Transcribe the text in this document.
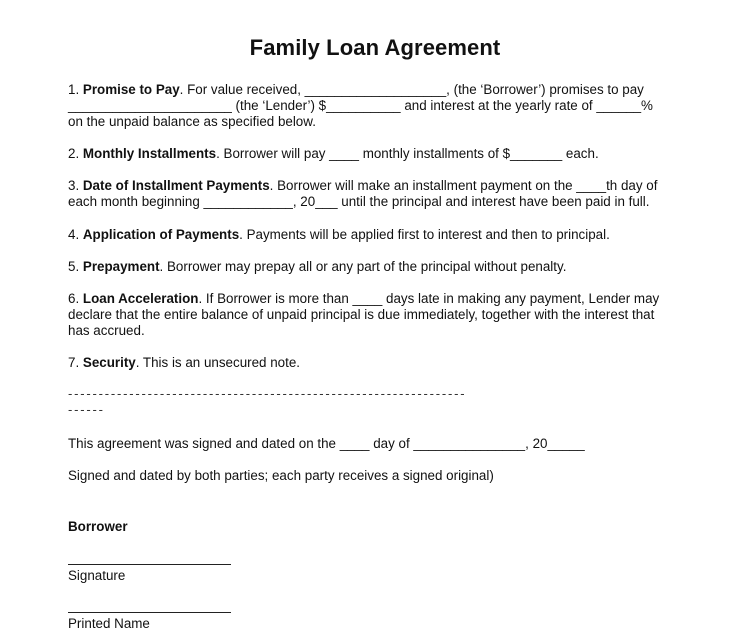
Family Loan Agreement
1. Promise to Pay. For value received, ___________________, (the ‘Borrower’) promises to pay
______________________ (the ‘Lender’) $__________ and interest at the yearly rate of ______%
on the unpaid balance as specified below.
2. Monthly Installments. Borrower will pay ____ monthly installments of $_______ each.
3. Date of Installment Payments. Borrower will make an installment payment on the ____th day of
each month beginning ____________, 20___ until the principal and interest have been paid in full.
4. Application of Payments. Payments will be applied first to interest and then to principal.
5. Prepayment. Borrower may prepay all or any part of the principal without penalty.
6. Loan Acceleration. If Borrower is more than ____ days late in making any payment, Lender may
declare that the entire balance of unpaid principal is due immediately, together with the interest that
has accrued.
7. Security. This is an unsecured note.
-----------------------------------------------------------------
------
This agreement was signed and dated on the ____ day of _______________, 20_____
Signed and dated by both parties; each party receives a signed original)
Borrower
Signature
Printed Name
